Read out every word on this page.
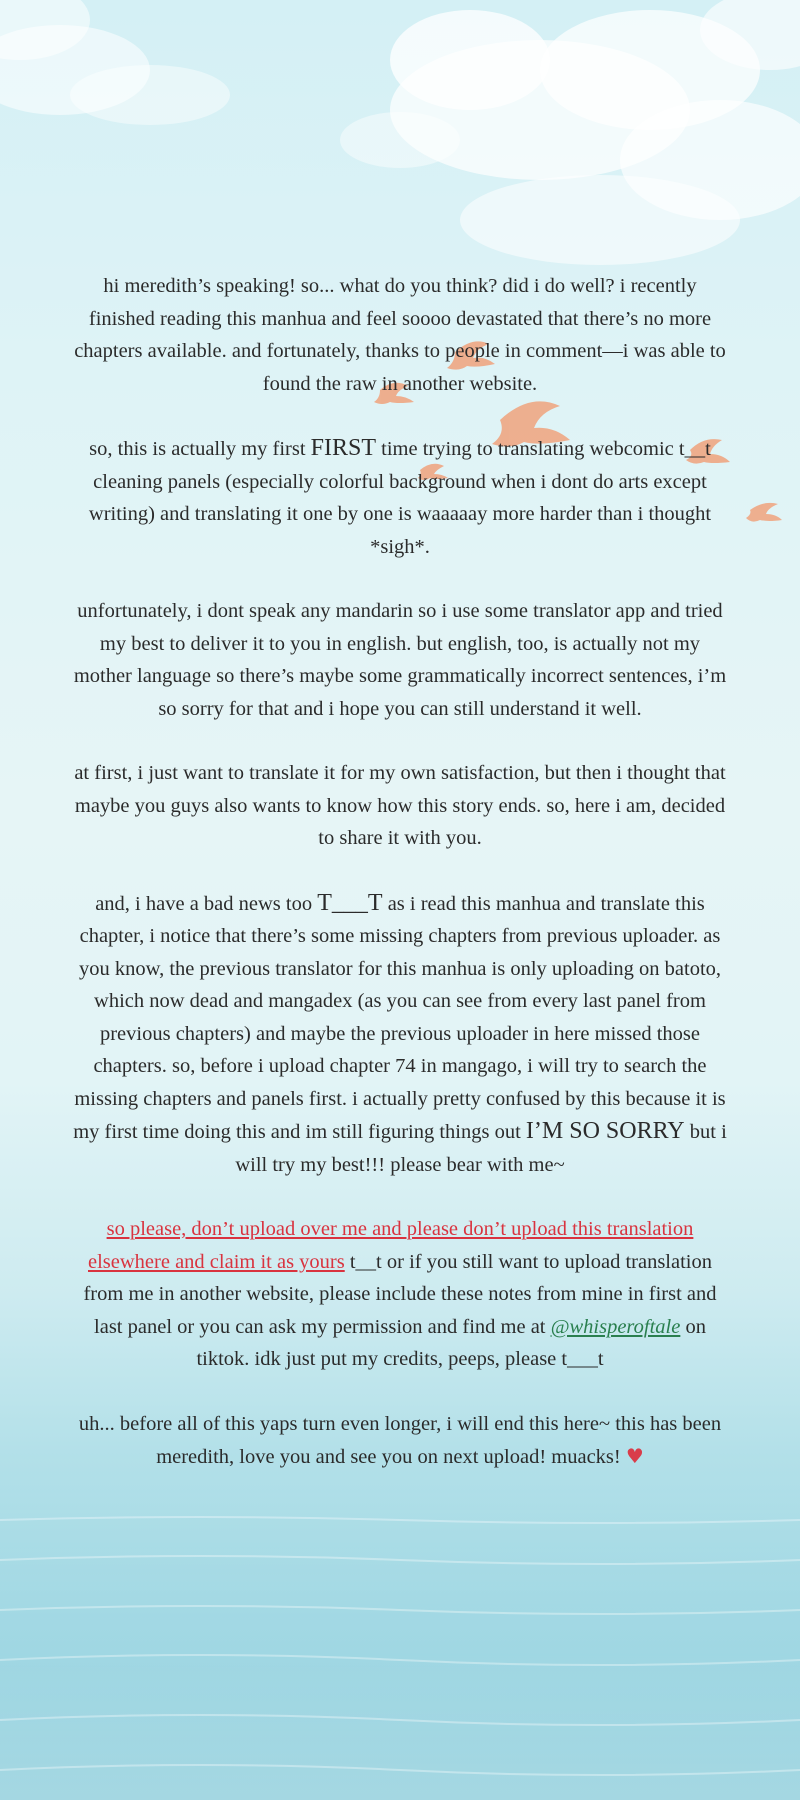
hi meredith’s speaking! so... what do you think? did i do well? i recently finished reading this manhua and feel soooo devastated that there’s no more chapters available. and fortunately, thanks to people in comment—i was able to found the raw in another website.

so, this is actually my first FIRST time trying to translating webcomic t__t cleaning panels (especially colorful background when i dont do arts except writing) and translating it one by one is waaaaay more harder than i thought *sigh*.

unfortunately, i dont speak any mandarin so i use some translator app and tried my best to deliver it to you in english. but english, too, is actually not my mother language so there’s maybe some grammatically incorrect sentences, i’m so sorry for that and i hope you can still understand it well.

at first, i just want to translate it for my own satisfaction, but then i thought that maybe you guys also wants to know how this story ends. so, here i am, decided to share it with you.

and, i have a bad news too T___T as i read this manhua and translate this chapter, i notice that there’s some missing chapters from previous uploader. as you know, the previous translator for this manhua is only uploading on batoto, which now dead and mangadex (as you can see from every last panel from previous chapters) and maybe the previous uploader in here missed those chapters. so, before i upload chapter 74 in mangago, i will try to search the missing chapters and panels first. i actually pretty confused by this because it is my first time doing this and im still figuring things out I’M SO SORRY but i will try my best!!! please bear with me~

so please, don’t upload over me and please don’t upload this translation elsewhere and claim it as yours t__t or if you still want to upload translation from me in another website, please include these notes from mine in first and last panel or you can ask my permission and find me at @whisperoftale on tiktok. idk just put my credits, peeps, please t___t

uh... before all of this yaps turn even longer, i will end this here~ this has been meredith, love you and see you on next upload! muacks! ♥
